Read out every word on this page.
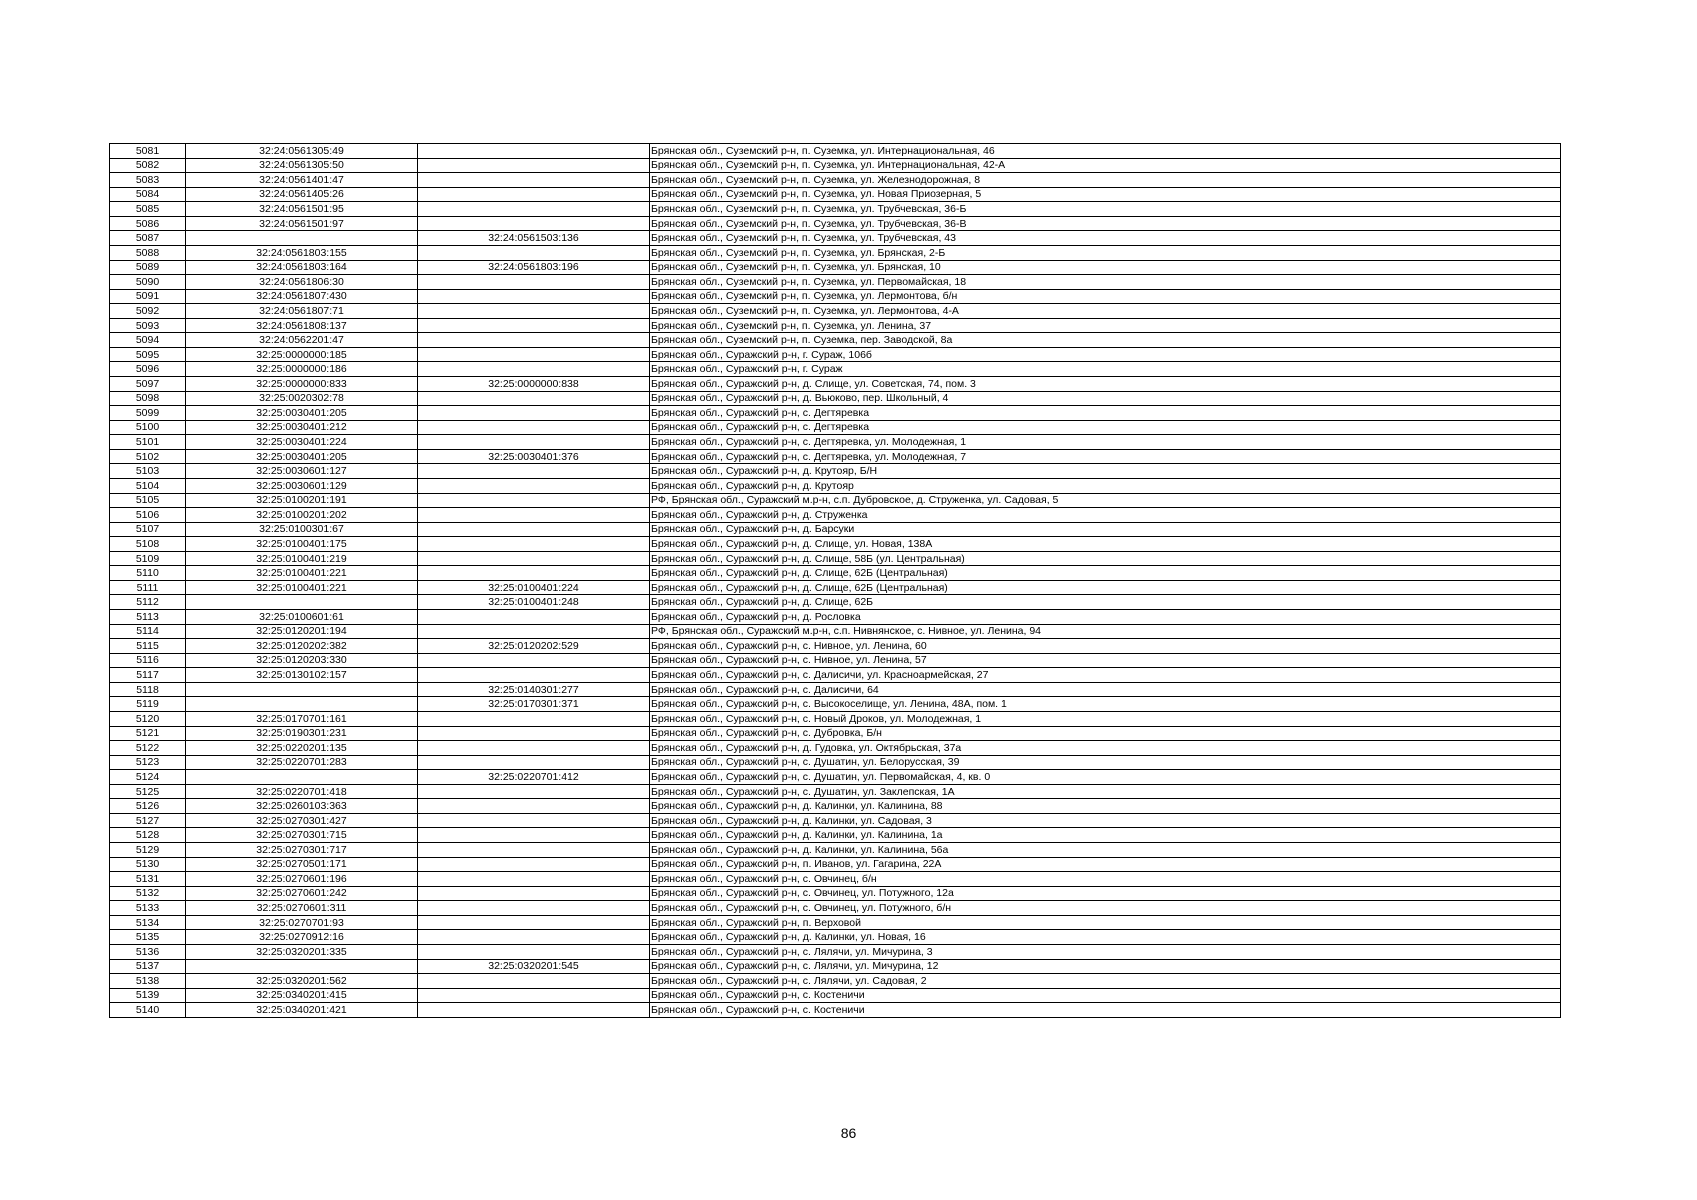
5081	32:24:0561305:49		Брянская обл., Суземский р-н, п. Суземка, ул. Интернациональная, 46
5082	32:24:0561305:50		Брянская обл., Суземский р-н, п. Суземка, ул. Интернациональная, 42-А
5083	32:24:0561401:47		Брянская обл., Суземский р-н, п. Суземка, ул. Железнодорожная, 8
5084	32:24:0561405:26		Брянская обл., Суземский р-н, п. Суземка, ул. Новая Приозерная, 5
5085	32:24:0561501:95		Брянская обл., Суземский р-н, п. Суземка, ул. Трубчевская, 36-Б
5086	32:24:0561501:97		Брянская обл., Суземский р-н, п. Суземка, ул. Трубчевская, 36-В
5087		32:24:0561503:136	Брянская обл., Суземский р-н, п. Суземка, ул. Трубчевская, 43
5088	32:24:0561803:155		Брянская обл., Суземский р-н, п. Суземка, ул. Брянская, 2-Б
5089	32:24:0561803:164	32:24:0561803:196	Брянская обл., Суземский р-н, п. Суземка, ул. Брянская, 10
5090	32:24:0561806:30		Брянская обл., Суземский р-н, п. Суземка, ул. Первомайская, 18
5091	32:24:0561807:430		Брянская обл., Суземский р-н, п. Суземка, ул. Лермонтова, б/н
5092	32:24:0561807:71		Брянская обл., Суземский р-н, п. Суземка, ул. Лермонтова, 4-А
5093	32:24:0561808:137		Брянская обл., Суземский р-н, п. Суземка, ул. Ленина, 37
5094	32:24:0562201:47		Брянская обл., Суземский р-н, п. Суземка, пер. Заводской, 8а
5095	32:25:0000000:185		Брянская обл., Суражский р-н, г. Сураж, 106б
5096	32:25:0000000:186		Брянская обл., Суражский р-н, г. Сураж
5097	32:25:0000000:833	32:25:0000000:838	Брянская обл., Суражский р-н, д. Слище, ул. Советская, 74, пом. 3
5098	32:25:0020302:78		Брянская обл., Суражский р-н, д. Вьюково, пер. Школьный, 4
5099	32:25:0030401:205		Брянская обл., Суражский р-н, с. Дегтяревка
5100	32:25:0030401:212		Брянская обл., Суражский р-н, с. Дегтяревка
5101	32:25:0030401:224		Брянская обл., Суражский р-н, с. Дегтяревка, ул. Молодежная, 1
5102	32:25:0030401:205	32:25:0030401:376	Брянская обл., Суражский р-н, с. Дегтяревка, ул. Молодежная, 7
5103	32:25:0030601:127		Брянская обл., Суражский р-н, д. Крутояр, Б/Н
5104	32:25:0030601:129		Брянская обл., Суражский р-н, д. Крутояр
5105	32:25:0100201:191		РФ, Брянская обл., Суражский м.р-н, с.п. Дубровское, д. Струженка, ул. Садовая, 5
5106	32:25:0100201:202		Брянская обл., Суражский р-н, д. Струженка
5107	32:25:0100301:67		Брянская обл., Суражский р-н, д. Барсуки
5108	32:25:0100401:175		Брянская обл., Суражский р-н, д. Слище, ул. Новая, 138А
5109	32:25:0100401:219		Брянская обл., Суражский р-н, д. Слище, 58Б (ул. Центральная)
5110	32:25:0100401:221		Брянская обл., Суражский р-н, д. Слище, 62Б (Центральная)
5111	32:25:0100401:221	32:25:0100401:224	Брянская обл., Суражский р-н, д. Слище, 62Б (Центральная)
5112		32:25:0100401:248	Брянская обл., Суражский р-н, д. Слище, 62Б
5113	32:25:0100601:61		Брянская обл., Суражский р-н, д. Рословка
5114	32:25:0120201:194		РФ, Брянская обл., Суражский м.р-н, с.п. Нивнянское, с. Нивное, ул. Ленина, 94
5115	32:25:0120202:382	32:25:0120202:529	Брянская обл., Суражский р-н, с. Нивное, ул. Ленина, 60
5116	32:25:0120203:330		Брянская обл., Суражский р-н, с. Нивное, ул. Ленина, 57
5117	32:25:0130102:157		Брянская обл., Суражский р-н, с. Далисичи, ул. Красноармейская, 27
5118		32:25:0140301:277	Брянская обл., Суражский р-н, с. Далисичи, 64
5119		32:25:0170301:371	Брянская обл., Суражский р-н, с. Высокоселище, ул. Ленина, 48А, пом. 1
5120	32:25:0170701:161		Брянская обл., Суражский р-н, с. Новый Дроков, ул. Молодежная, 1
5121	32:25:0190301:231		Брянская обл., Суражский р-н, с. Дубровка, Б/н
5122	32:25:0220201:135		Брянская обл., Суражский р-н, д. Гудовка, ул. Октябрьская, 37а
5123	32:25:0220701:283		Брянская обл., Суражский р-н, с. Душатин, ул. Белорусская, 39
5124		32:25:0220701:412	Брянская обл., Суражский р-н, с. Душатин, ул. Первомайская, 4, кв. 0
5125	32:25:0220701:418		Брянская обл., Суражский р-н, с. Душатин, ул. Заклепская, 1А
5126	32:25:0260103:363		Брянская обл., Суражский р-н, д. Калинки, ул. Калинина, 88
5127	32:25:0270301:427		Брянская обл., Суражский р-н, д. Калинки, ул. Садовая, 3
5128	32:25:0270301:715		Брянская обл., Суражский р-н, д. Калинки, ул. Калинина, 1а
5129	32:25:0270301:717		Брянская обл., Суражский р-н, д. Калинки, ул. Калинина, 56а
5130	32:25:0270501:171		Брянская обл., Суражский р-н, п. Иванов, ул. Гагарина, 22А
5131	32:25:0270601:196		Брянская обл., Суражский р-н, с. Овчинец, б/н
5132	32:25:0270601:242		Брянская обл., Суражский р-н, с. Овчинец, ул. Потужного, 12а
5133	32:25:0270601:311		Брянская обл., Суражский р-н, с. Овчинец, ул. Потужного, б/н
5134	32:25:0270701:93		Брянская обл., Суражский р-н, п. Верховой
5135	32:25:0270912:16		Брянская обл., Суражский р-н, д. Калинки, ул. Новая, 16
5136	32:25:0320201:335		Брянская обл., Суражский р-н, с. Лялячи, ул. Мичурина, 3
5137		32:25:0320201:545	Брянская обл., Суражский р-н, с. Лялячи, ул. Мичурина, 12
5138	32:25:0320201:562		Брянская обл., Суражский р-н, с. Лялячи, ул. Садовая, 2
5139	32:25:0340201:415		Брянская обл., Суражский р-н, с. Костеничи
5140	32:25:0340201:421		Брянская обл., Суражский р-н, с. Костеничи
86
